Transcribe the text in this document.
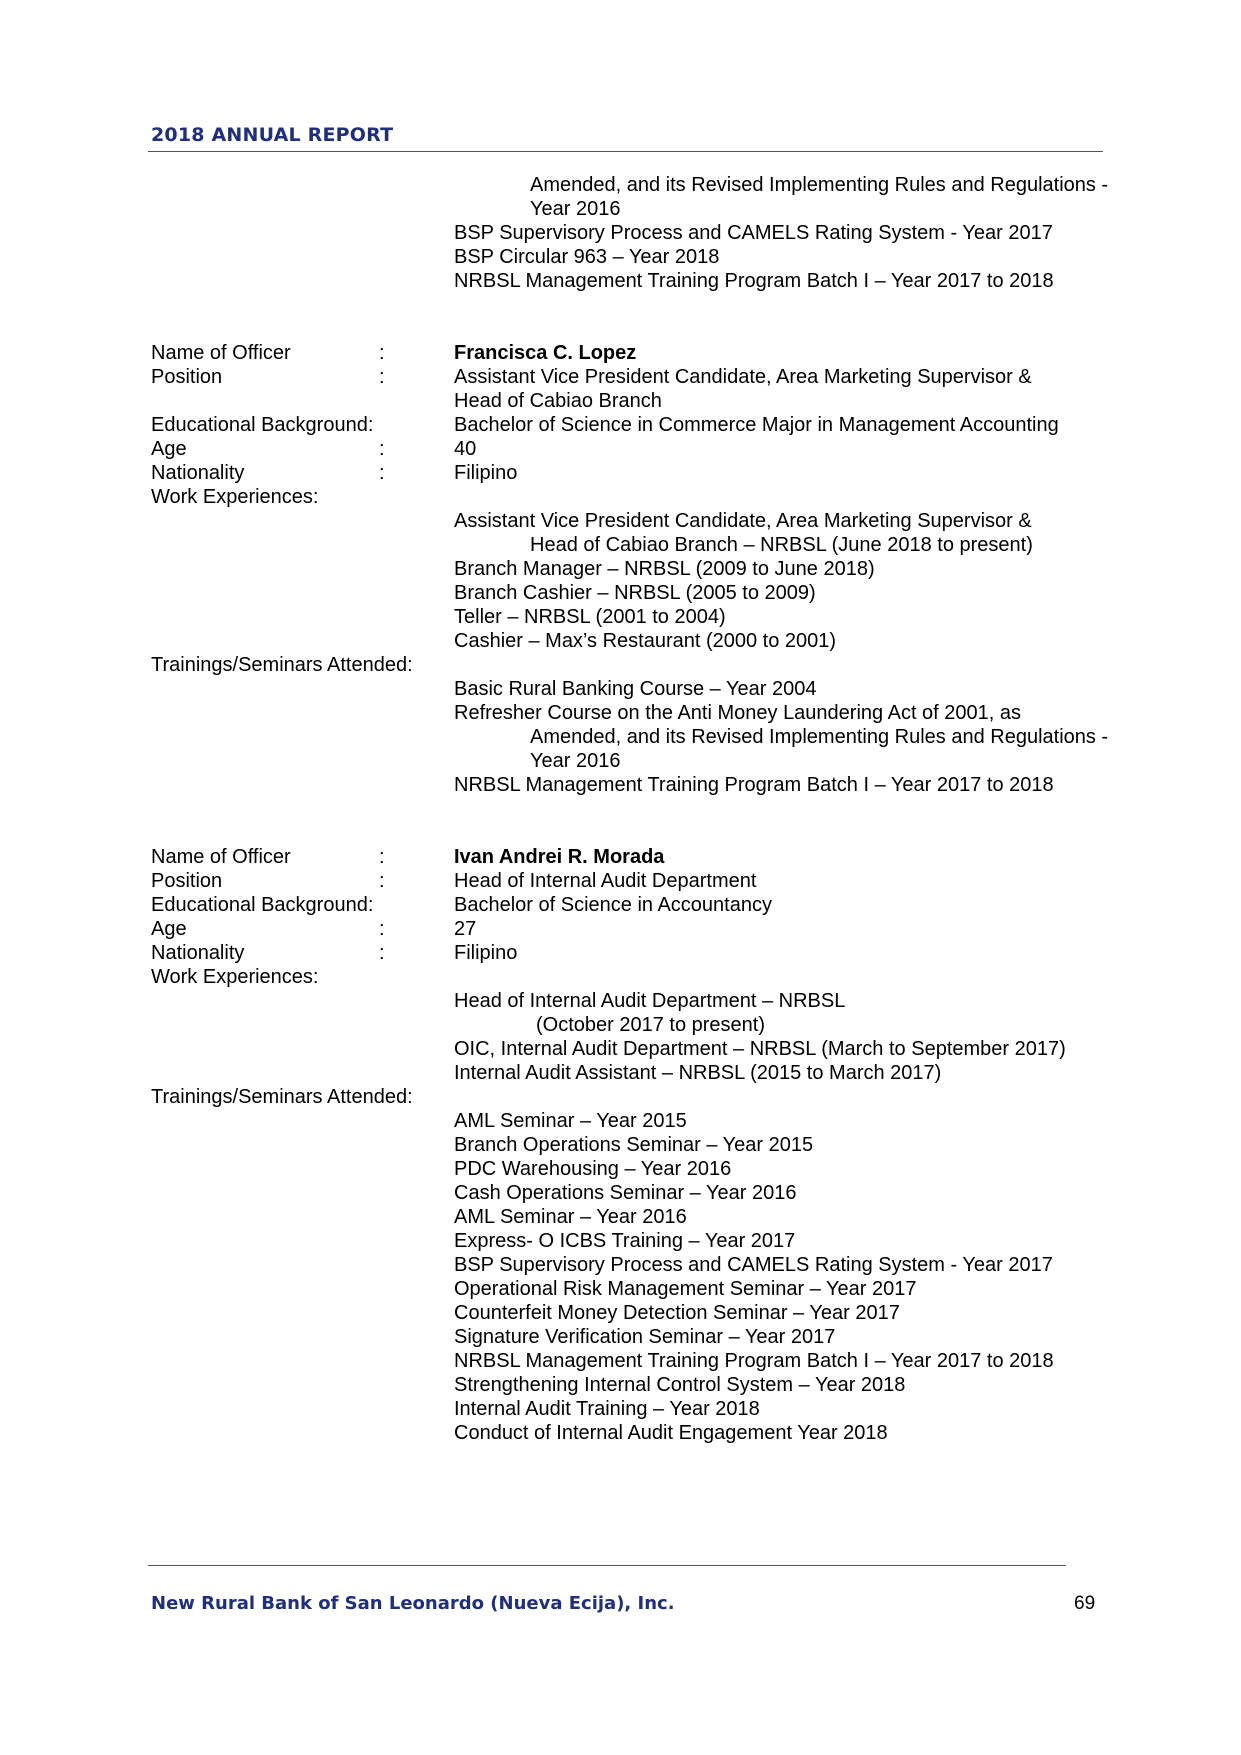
2018 ANNUAL REPORT
Amended, and its Revised Implementing Rules and Regulations -
Year 2016
BSP Supervisory Process and CAMELS Rating System - Year 2017
BSP Circular 963 – Year 2018
NRBSL Management Training Program Batch I – Year 2017 to 2018
Name of Officer	:	Francisca C. Lopez
Position	:	Assistant Vice President Candidate, Area Marketing Supervisor &
Head of Cabiao Branch
Educational Background:	Bachelor of Science in Commerce Major in Management Accounting
Age	:	40
Nationality	:	Filipino
Work Experiences:
Assistant Vice President Candidate, Area Marketing Supervisor &
Head of Cabiao Branch – NRBSL (June 2018 to present)
Branch Manager – NRBSL (2009 to June 2018)
Branch Cashier – NRBSL (2005 to 2009)
Teller – NRBSL (2001 to 2004)
Cashier – Max’s Restaurant (2000 to 2001)
Trainings/Seminars Attended:
Basic Rural Banking Course – Year 2004
Refresher Course on the Anti Money Laundering Act of 2001, as
Amended, and its Revised Implementing Rules and Regulations -
Year 2016
NRBSL Management Training Program Batch I – Year 2017 to 2018
Name of Officer	:	Ivan Andrei R. Morada
Position	:	Head of Internal Audit Department
Educational Background:	Bachelor of Science in Accountancy
Age	:	27
Nationality	:	Filipino
Work Experiences:
Head of Internal Audit Department – NRBSL
(October 2017 to present)
OIC, Internal Audit Department – NRBSL (March to September 2017)
Internal Audit Assistant – NRBSL (2015 to March 2017)
Trainings/Seminars Attended:
AML Seminar – Year 2015
Branch Operations Seminar – Year 2015
PDC Warehousing – Year 2016
Cash Operations Seminar – Year 2016
AML Seminar – Year 2016
Express- O ICBS Training – Year 2017
BSP Supervisory Process and CAMELS Rating System - Year 2017
Operational Risk Management Seminar – Year 2017
Counterfeit Money Detection Seminar – Year 2017
Signature Verification Seminar – Year 2017
NRBSL Management Training Program Batch I – Year 2017 to 2018
Strengthening Internal Control System – Year 2018
Internal Audit Training – Year 2018
Conduct of Internal Audit Engagement Year 2018
New Rural Bank of San Leonardo (Nueva Ecija), Inc.	69
